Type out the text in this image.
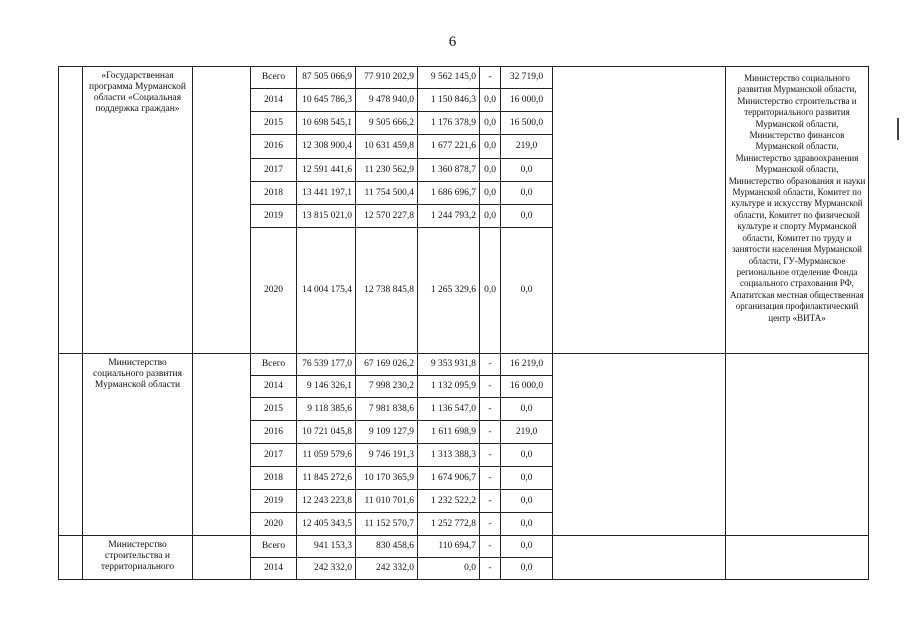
6
	«Государственная программа Мурманской области «Социальная поддержка граждан»		Всего	87 505 066,9	77 910 202,9	9 562 145,0	-	32 719,0		Министерство социального развития Мурманской области, Министерство строительства и территориального развития Мурманской области, Министерство финансов Мурманской области, Министерство здравоохранения Мурманской области, Министерство образования и науки Мурманской области, Комитет по культуре и искусству Мурманской области, Комитет по физической культуре и спорту Мурманской области, Комитет по труду и занятости населения Мурманской области, ГУ-Мурманское региональное отделение Фонда социального страхования РФ, Апатитская местная общественная организация профилактический центр «ВИТА»
			2014	10 645 786,3	9 478 940,0	1 150 846,3	0,0	16 000,0		
			2015	10 698 545,1	9 505 666,2	1 176 378,9	0,0	16 500,0		
			2016	12 308 900,4	10 631 459,8	1 677 221,6	0,0	219,0		
			2017	12 591 441,6	11 230 562,9	1 360 878,7	0,0	0,0		
			2018	13 441 197,1	11 754 500,4	1 686 696,7	0,0	0,0		
			2019	13 815 021,0	12 570 227,8	1 244 793,2	0,0	0,0		
			2020	14 004 175,4	12 738 845,8	1 265 329,6	0,0	0,0		
	Министерство социального развития Мурманской области		Всего	76 539 177,0	67 169 026,2	9 353 931,8	-	16 219,0		
			2014	9 146 326,1	7 998 230,2	1 132 095,9	-	16 000,0		
			2015	9 118 385,6	7 981 838,6	1 136 547,0	-	0,0		
			2016	10 721 045,8	9 109 127,9	1 611 698,9	-	219,0		
			2017	11 059 579,6	9 746 191,3	1 313 388,3	-	0,0		
			2018	11 845 272,6	10 170 365,9	1 674 906,7	-	0,0		
			2019	12 243 223,8	11 010 701,6	1 232 522,2	-	0,0		
			2020	12 405 343,5	11 152 570,7	1 252 772,8	-	0,0		
	Министерство строительства и территориального		Всего	941 153,3	830 458,6	110 694,7	-	0,0		
			2014	242 332,0	242 332,0	0,0	-	0,0		
